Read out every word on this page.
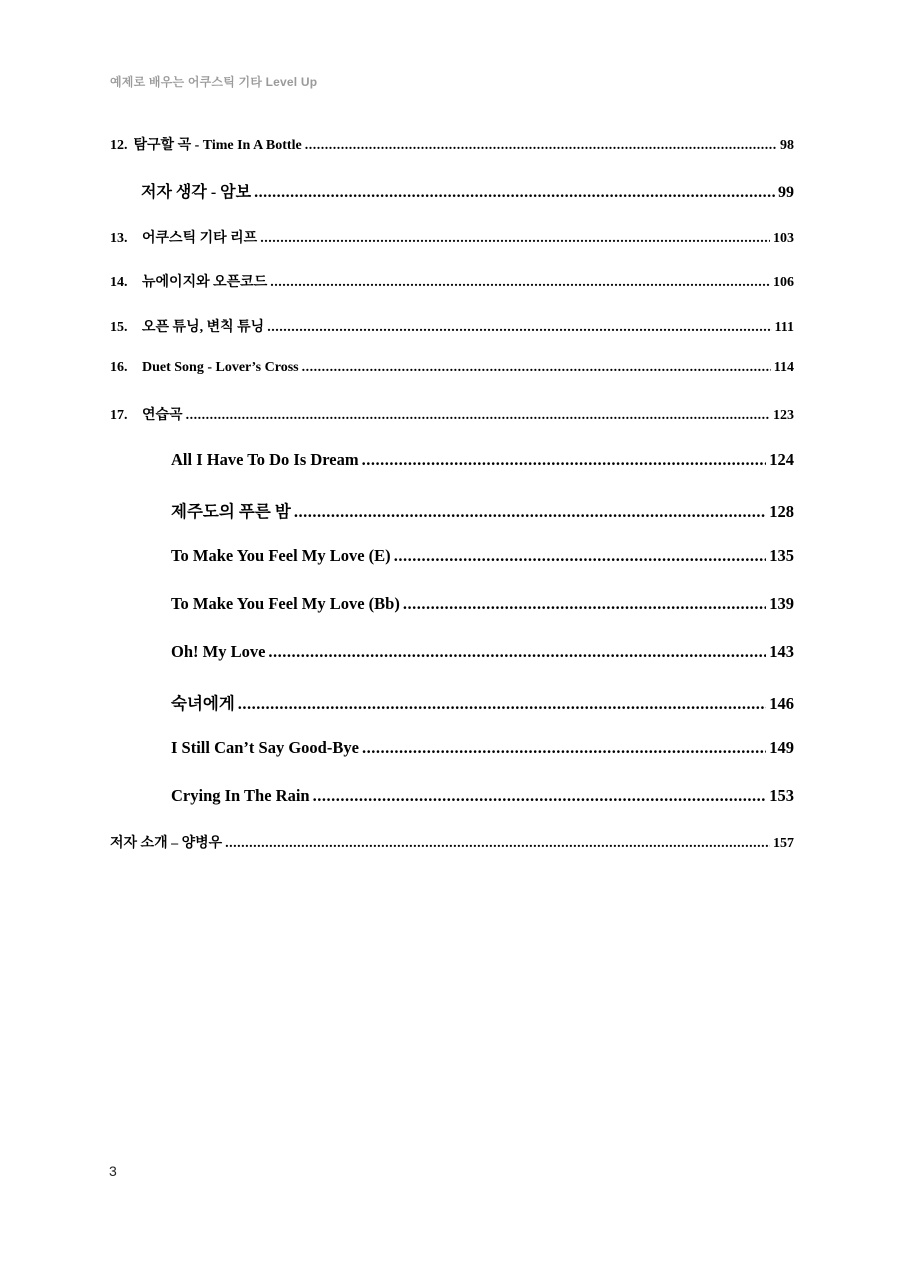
예제로 배우는 어쿠스틱 기타 Level Up
12. 탐구할 곡 - Time In A Bottle .....	98
저자 생각 - 암보 .....	99
13.	어쿠스틱 기타 리프 .....	103
14.	뉴에이지와 오픈코드 .....	106
15.	오픈 튜닝, 변칙 튜닝 .....	111
16.	Duet Song - Lover’s Cross .....	114
17.	연습곡 .....	123
All I Have To Do Is Dream .....	124
제주도의 푸른 밤 .....	128
To Make You Feel My Love (E) .....	135
To Make You Feel My Love (Bb) .....	139
Oh! My Love .....	143
숙녀에게 .....	146
I Still Can’t Say Good-Bye .....	149
Crying In The Rain .....	153
저자 소개 – 양병우 .....	157
3
